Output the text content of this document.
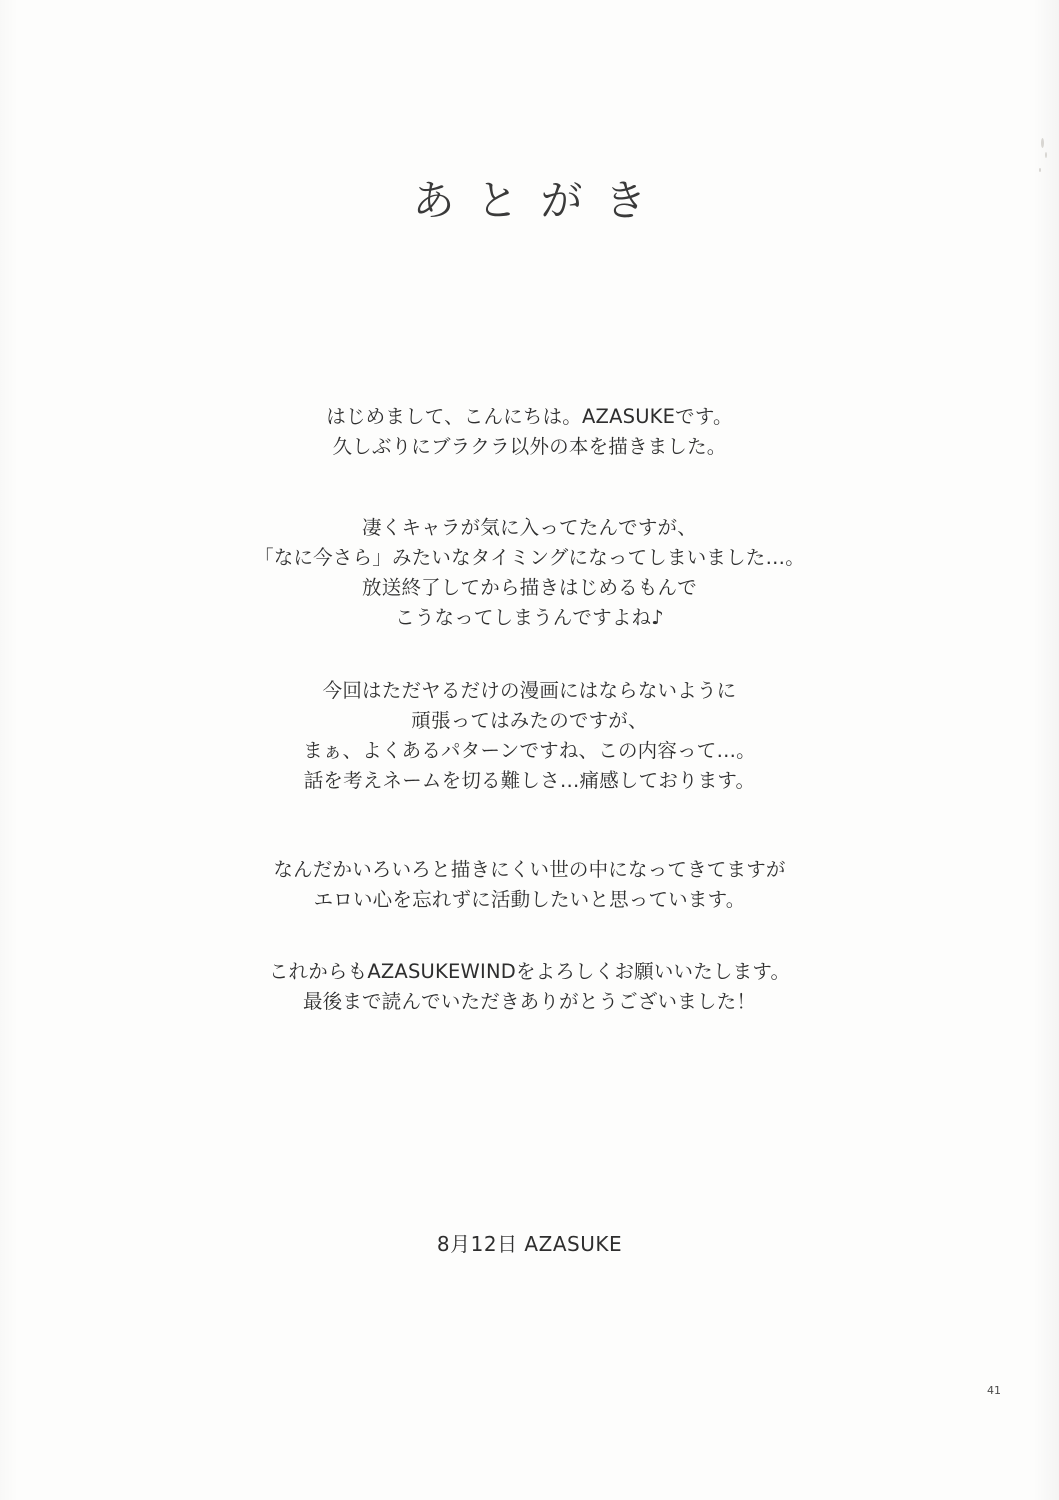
あとがき
はじめまして、こんにちは。AZASUKEです。
久しぶりにブラクラ以外の本を描きました。
凄くキャラが気に入ってたんですが、
「なに今さら」みたいなタイミングになってしまいました…。
放送終了してから描きはじめるもんで
こうなってしまうんですよね♪
今回はただヤるだけの漫画にはならないように
頑張ってはみたのですが、
まぁ、よくあるパターンですね、この内容って…。
話を考えネームを切る難しさ…痛感しております。
なんだかいろいろと描きにくい世の中になってきてますが
エロい心を忘れずに活動したいと思っています。
これからもAZASUKEWINDをよろしくお願いいたします。
最後まで読んでいただきありがとうございました！
8月12日 AZASUKE
41
